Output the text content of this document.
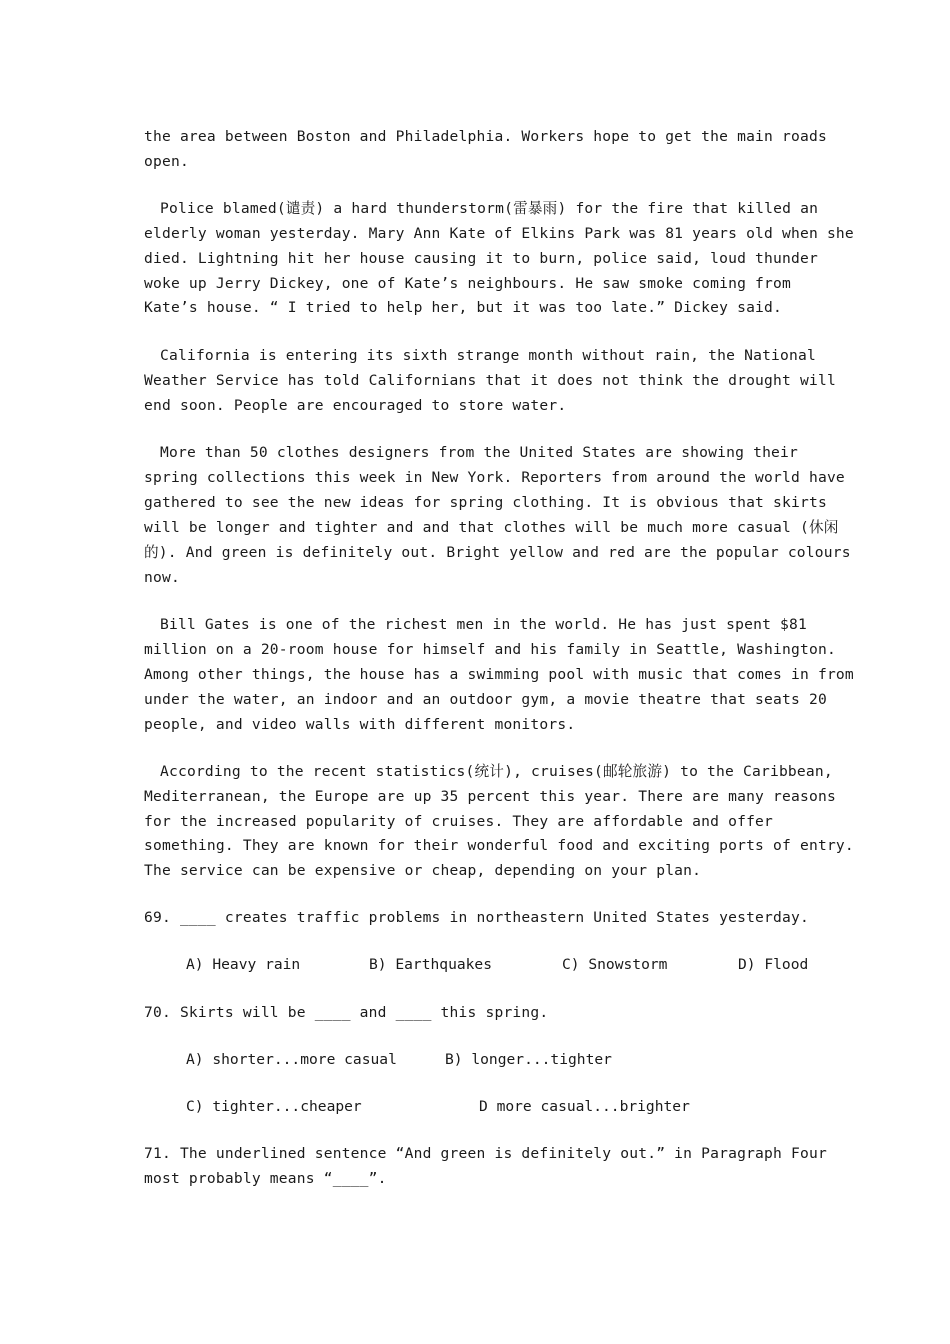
the area between Boston and Philadelphia. Workers hope to get the main roads
open.
Police blamed(谴责) a hard thunderstorm(雷暴雨) for the fire that killed an
elderly woman yesterday. Mary Ann Kate of Elkins Park was 81 years old when she
died. Lightning hit her house causing it to burn, police said, loud thunder
woke up Jerry Dickey, one of Kate’s neighbours. He saw smoke coming from
Kate’s house. “ I tried to help her, but it was too late.” Dickey said.
California is entering its sixth strange month without rain, the National
Weather Service has told Californians that it does not think the drought will
end soon. People are encouraged to store water.
More than 50 clothes designers from the United States are showing their
spring collections this week in New York. Reporters from around the world have
gathered to see the new ideas for spring clothing. It is obvious that skirts
will be longer and tighter and and that clothes will be much more casual (休闲
的). And green is definitely out. Bright yellow and red are the popular colours
now.
Bill Gates is one of the richest men in the world. He has just spent $81
million on a 20-room house for himself and his family in Seattle, Washington.
Among other things, the house has a swimming pool with music that comes in from
under the water, an indoor and an outdoor gym, a movie theatre that seats 20
people, and video walls with different monitors.
According to the recent statistics(统计), cruises(邮轮旅游) to the Caribbean,
Mediterranean, the Europe are up 35 percent this year. There are many reasons
for the increased popularity of cruises. They are affordable and offer
something. They are known for their wonderful food and exciting ports of entry.
The service can be expensive or cheap, depending on your plan.
69. ____ creates traffic problems in northeastern United States yesterday.
A) Heavy rain	B) Earthquakes	C) Snowstorm	D) Flood
70. Skirts will be ____ and ____ this spring.
A) shorter...more casual	B) longer...tighter
C) tighter...cheaper	D more casual...brighter
71. The underlined sentence “And green is definitely out.” in Paragraph Four
most probably means “____”.
